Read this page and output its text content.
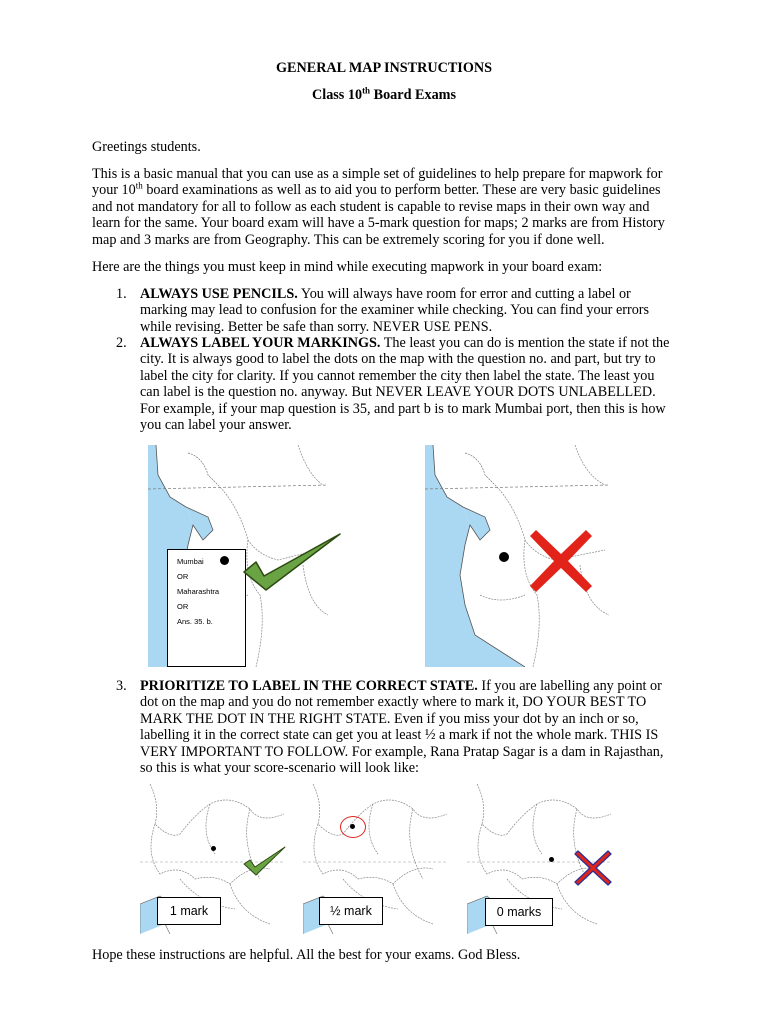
GENERAL MAP INSTRUCTIONS
Class 10th Board Exams
Greetings students.
This is a basic manual that you can use as a simple set of guidelines to help prepare for mapwork for
your 10th board examinations as well as to aid you to perform better. These are very basic guidelines
and not mandatory for all to follow as each student is capable to revise maps in their own way and
learn for the same. Your board exam will have a 5-mark question for maps; 2 marks are from History
map and 3 marks are from Geography. This can be extremely scoring for you if done well.
Here are the things you must keep in mind while executing mapwork in your board exam:
1. ALWAYS USE PENCILS. You will always have room for error and cutting a label or
marking may lead to confusion for the examiner while checking. You can find your errors
while revising. Better be safe than sorry. NEVER USE PENS.
2. ALWAYS LABEL YOUR MARKINGS. The least you can do is mention the state if not the
city. It is always good to label the dots on the map with the question no. and part, but try to
label the city for clarity. If you cannot remember the city then label the state. The least you
can label is the question no. anyway. But NEVER LEAVE YOUR DOTS UNLABELLED.
For example, if your map question is 35, and part b is to mark Mumbai port, then this is how
you can label your answer.
Mumbai
OR
Maharashtra
OR
Ans. 35. b.
3. PRIORITIZE TO LABEL IN THE CORRECT STATE. If you are labelling any point or
dot on the map and you do not remember exactly where to mark it, DO YOUR BEST TO
MARK THE DOT IN THE RIGHT STATE. Even if you miss your dot by an inch or so,
labelling it in the correct state can get you at least ½ a mark if not the whole mark. THIS IS
VERY IMPORTANT TO FOLLOW. For example, Rana Pratap Sagar is a dam in Rajasthan,
so this is what your score-scenario will look like:
1 mark	½ mark	0 marks
Hope these instructions are helpful. All the best for your exams. God Bless.
